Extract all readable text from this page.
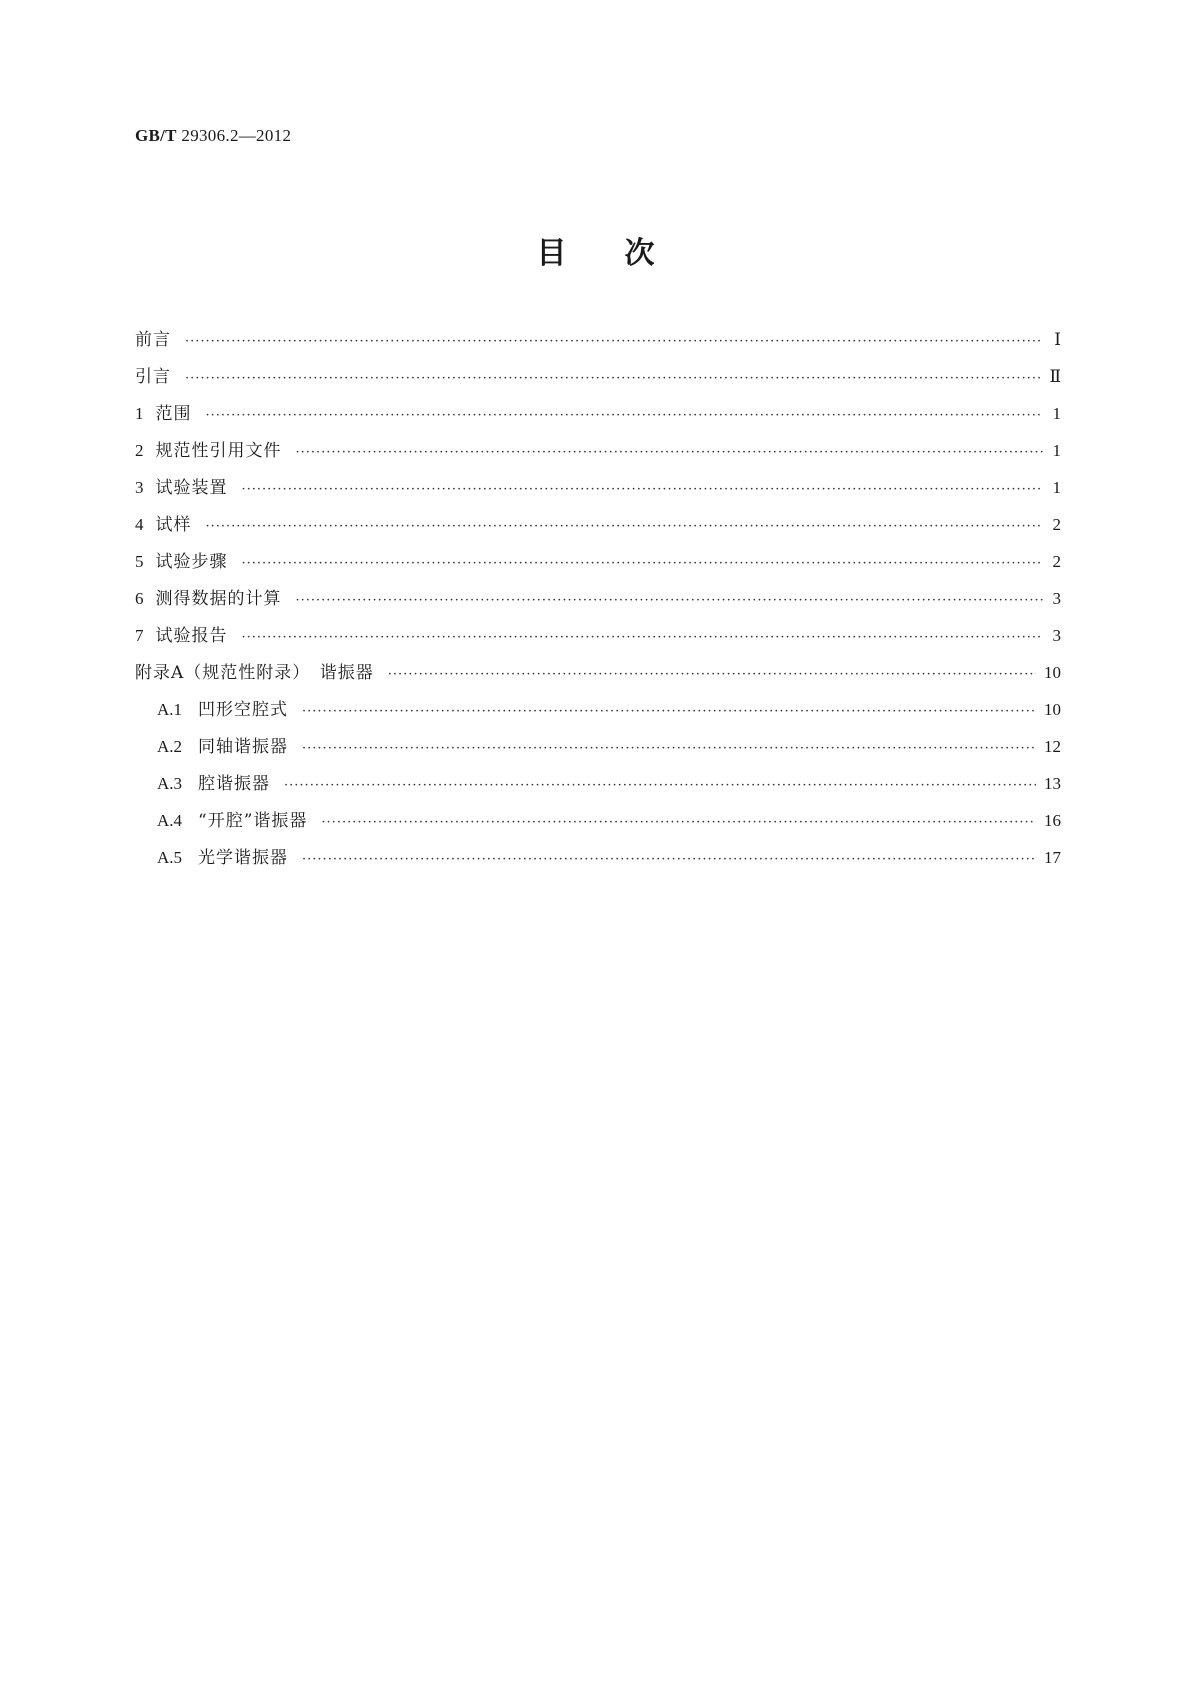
GB/T 29306.2—2012
目次
前言 ·····	Ⅰ
引言 ·····	Ⅱ
1 范围 ·····	1
2 规范性引用文件 ·····	1
3 试验装置 ·····	1
4 试样 ·····	2
5 试验步骤 ·····	2
6 测得数据的计算 ·····	3
7 试验报告 ·····	3
附录A（规范性附录）　谐振器 ·····	10
A.1 凹形空腔式 ·····	10
A.2 同轴谐振器 ·····	12
A.3 腔谐振器 ·····	13
A.4 “开腔”谐振器 ·····	16
A.5 光学谐振器 ·····	17
